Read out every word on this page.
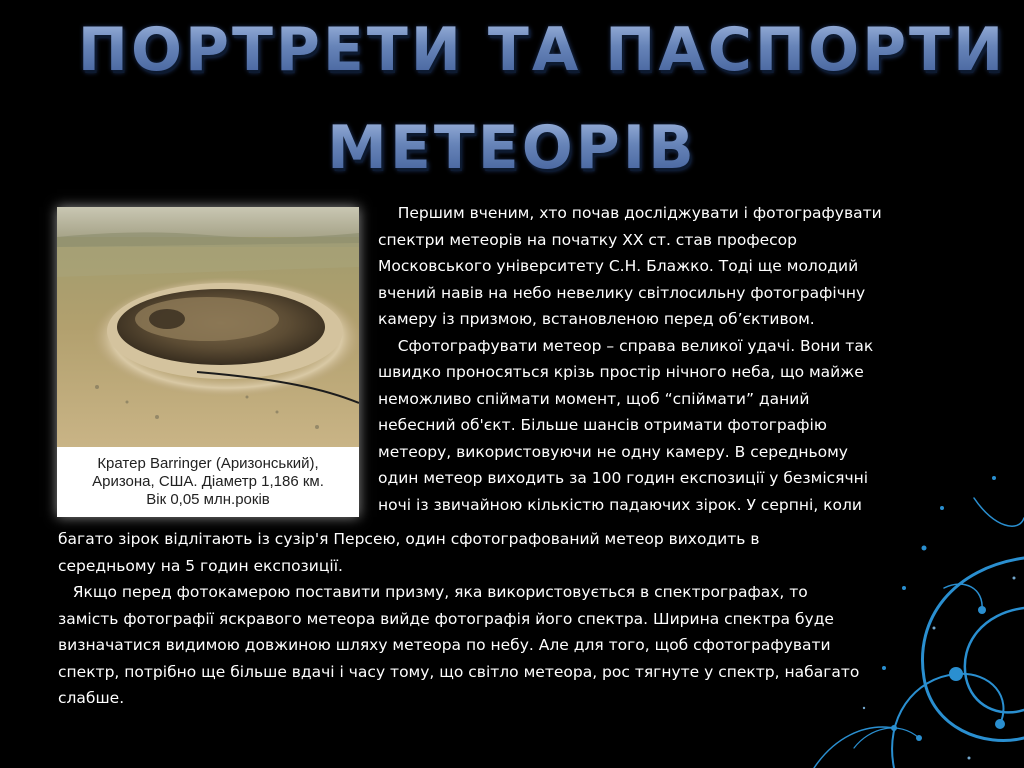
ПОРТРЕТИ ТА ПАСПОРТИ
МЕТЕОРІВ
Кратер Barringer (Аризонський),
Аризона, США. Діаметр 1,186 км.
Вік 0,05 млн.років
Першим вченим, хто почав досліджувати і фотографувати
спектри метеорів на початку XX ст. став професор
Московського університету С.Н. Блажко. Тоді ще молодий
вчений навів на небо невелику світлосильну фотографічну
камеру із призмою, встановленою перед об’єктивом.
Сфотографувати метеор – справа великої удачі. Вони так
швидко проносяться крізь простір нічного неба, що майже
неможливо спіймати момент, щоб “спіймати” даний
небесний об'єкт. Більше шансів отримати фотографію
метеору, використовуючи не одну камеру. В середньому
один метеор виходить за 100 годин експозиції у безмісячні
ночі із звичайною кількістю падаючих зірок. У серпні, коли
багато зірок відлітають із сузір'я Персею, один сфотографований метеор виходить в
середньому на 5 годин експозиції.
Якщо перед фотокамерою поставити призму, яка використовується в спектрографах, то
замість фотографії яскравого метеора вийде фотографія його спектра. Ширина спектра буде
визначатися видимою довжиною шляху метеора по небу. Але для того, щоб сфотографувати
спектр, потрібно ще більше вдачі і часу тому, що світло метеора, рос тягнуте у спектр, набагато
слабше.
